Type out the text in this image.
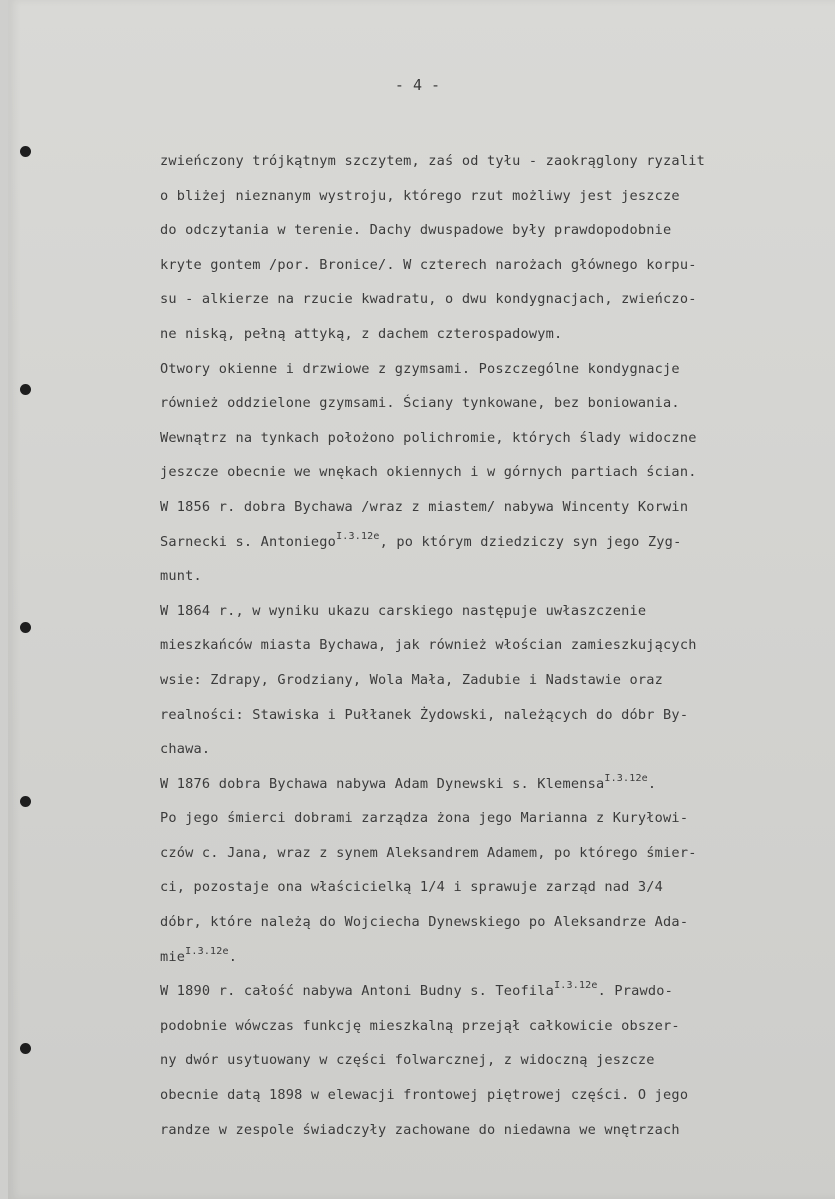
- 4 -
zwieńczony trójkątnym szczytem, zaś od tyłu - zaokrąglony ryzalit
o bliżej nieznanym wystroju, którego rzut możliwy jest jeszcze
do odczytania w terenie. Dachy dwuspadowe były prawdopodobnie
kryte gontem /por. Bronice/. W czterech narożach głównego korpu-
su - alkierze na rzucie kwadratu, o dwu kondygnacjach, zwieńczo-
ne niską, pełną attyką, z dachem czterospadowym.
Otwory okienne i drzwiowe z gzymsami. Poszczególne kondygnacje
również oddzielone gzymsami. Ściany tynkowane, bez boniowania.
Wewnątrz na tynkach położono polichromie, których ślady widoczne
jeszcze obecnie we wnękach okiennych i w górnych partiach ścian.
W 1856 r. dobra Bychawa /wraz z miastem/ nabywa Wincenty Korwin
Sarnecki s. Antoniego$^{I.3.12e}$, po którym dziedziczy syn jego Zyg-
munt.
W 1864 r., w wyniku ukazu carskiego następuje uwłaszczenie
mieszkańców miasta Bychawa, jak również włościan zamieszkujących
wsie: Zdrapy, Grodziany, Wola Mała, Zadubie i Nadstawie oraz
realności: Stawiska i Pułłanek Żydowski, należących do dóbr By-
chawa.
W 1876 dobra Bychawa nabywa Adam Dynewski s. Klemensa$^{I.3.12e}$.
Po jego śmierci dobrami zarządza żona jego Marianna z Kuryłowi-
czów c. Jana, wraz z synem Aleksandrem Adamem, po którego śmier-
ci, pozostaje ona właścicielką 1/4 i sprawuje zarząd nad 3/4
dóbr, które należą do Wojciecha Dynewskiego po Aleksandrze Ada-
mie$^{I.3.12e}$.
W 1890 r. całość nabywa Antoni Budny s. Teofila$^{I.3.12e}$. Prawdo-
podobnie wówczas funkcję mieszkalną przejął całkowicie obszer-
ny dwór usytuowany w części folwarcznej, z widoczną jeszcze
obecnie datą 1898 w elewacji frontowej piętrowej części. O jego
randze w zespole świadczyły zachowane do niedawna we wnętrzach
